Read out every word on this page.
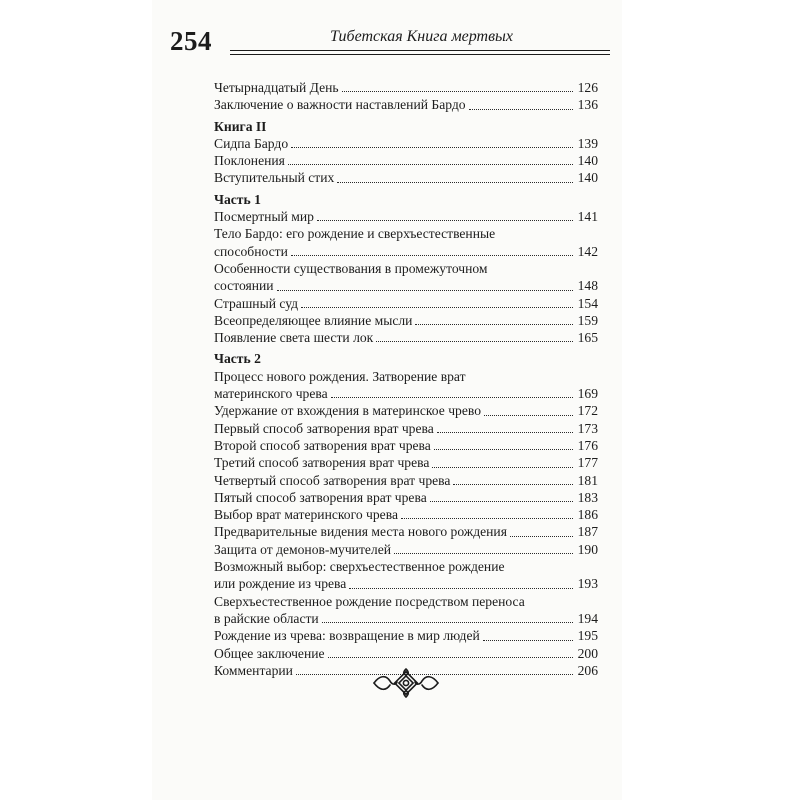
254	Тибетская Книга мертвых
Четырнадцатый День	126
Заключение о важности наставлений Бардо	136
Книга II
Сидпа Бардо	139
Поклонения	140
Вступительный стих	140
Часть 1
Посмертный мир	141
Тело Бардо: его рождение и сверхъестественные
способности	142
Особенности существования в промежуточном
состоянии	148
Страшный суд	154
Всеопределяющее влияние мысли	159
Появление света шести лок	165
Часть 2
Процесс нового рождения. Затворение врат
материнского чрева	169
Удержание от вхождения в материнское чрево	172
Первый способ затворения врат чрева	173
Второй способ затворения врат чрева	176
Третий способ затворения врат чрева	177
Четвертый способ затворения врат чрева	181
Пятый способ затворения врат чрева	183
Выбор врат материнского чрева	186
Предварительные видения места нового рождения	187
Защита от демонов-мучителей	190
Возможный выбор: сверхъестественное рождение
или рождение из чрева	193
Сверхъестественное рождение посредством переноса
в райские области	194
Рождение из чрева: возвращение в мир людей	195
Общее заключение	200
Комментарии	206
